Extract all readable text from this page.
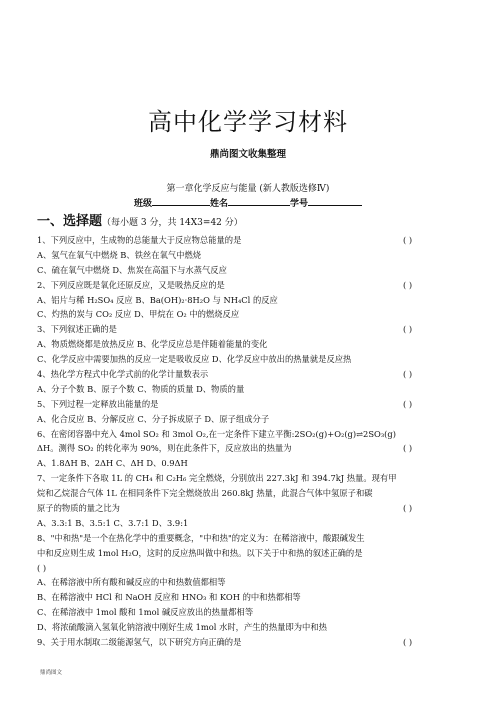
高中化学学习材料
鼎尚图文收集整理
第一章化学反应与能量 (新人教版选修Ⅳ)
班级	姓名	学号
一、选择题（每小题 3 分，共 14X3=42 分）
1、下列反应中，生成物的总能量大于反应物总能量的是	( )
A、氢气在氧气中燃烧 B、铁丝在氧气中燃烧
C、硫在氧气中燃烧 D、焦炭在高温下与水蒸气反应
2、下列反应既是氧化还原反应，又是吸热反应的是	( )
A、铝片与稀 H₂SO₄ 反应 B、Ba(OH)₂·8H₂O 与 NH₄Cl 的反应
C、灼热的炭与 CO₂ 反应 D、甲烷在 O₂ 中的燃烧反应
3、下列叙述正确的是	( )
A、物质燃烧都是放热反应 B、化学反应总是伴随着能量的变化
C、化学反应中需要加热的反应一定是吸收反应 D、化学反应中放出的热量就是反应热
4、热化学方程式中化学式前的化学计量数表示	( )
A、分子个数 B、原子个数 C、物质的质量 D、物质的量
5、下列过程一定释放出能量的是	( )
A、化合反应 B、分解反应 C、分子拆成原子 D、原子组成分子
6、在密闭容器中充入 4mol SO₂ 和 3mol O₂,在一定条件下建立平衡:2SO₂(g)+O₂(g)⇌2SO₃(g)
ΔH。测得 SO₂ 的转化率为 90%，则在此条件下，反应放出的热量为	( )
A、1.8ΔH B、2ΔH C、ΔH D、0.9ΔH
7、一定条件下各取 1L 的 CH₄ 和 C₂H₆ 完全燃烧，分别放出 227.3kJ 和 394.7kJ 热量。现有甲
烷和乙烷混合气体 1L 在相同条件下完全燃烧放出 260.8kJ 热量，此混合气体中氢原子和碳
原子的物质的量之比为	( )
A、3.3:1 B、3.5:1 C、3.7:1 D、3.9:1
8、"中和热"是一个在热化学中的重要概念，"中和热"的定义为：在稀溶液中，酸跟碱发生
中和反应则生成 1mol H₂O，这时的反应热叫做中和热。以下关于中和热的叙述正确的是
( )
A、在稀溶液中所有酸和碱反应的中和热数值都相等
B、在稀溶液中 HCl 和 NaOH 反应和 HNO₃ 和 KOH 的中和热都相等
C、在稀溶液中 1mol 酸和 1mol 碱反应放出的热量都相等
D、将浓硫酸滴入氢氧化钠溶液中刚好生成 1mol 水时，产生的热量即为中和热
9、关于用水制取二级能源氢气，以下研究方向正确的是	( )
鼎尚图文
